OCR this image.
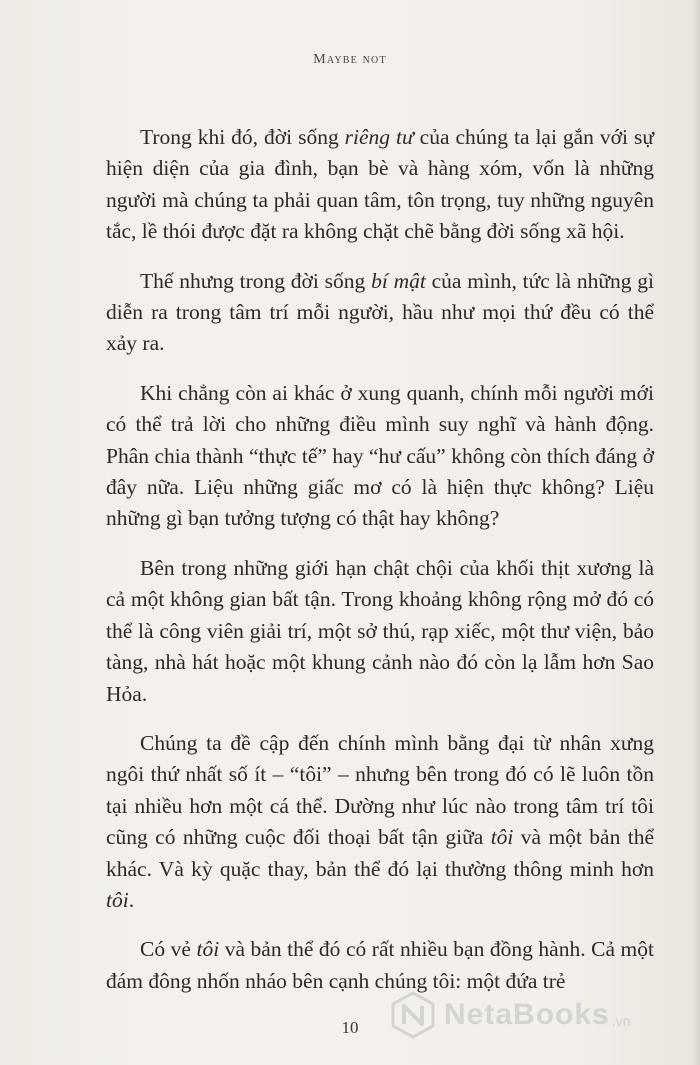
Maybe not

Trong khi đó, đời sống riêng tư của chúng ta lại gắn với sự hiện diện của gia đình, bạn bè và hàng xóm, vốn là những người mà chúng ta phải quan tâm, tôn trọng, tuy những nguyên tắc, lề thói được đặt ra không chặt chẽ bằng đời sống xã hội.

Thế nhưng trong đời sống bí mật của mình, tức là những gì diễn ra trong tâm trí mỗi người, hầu như mọi thứ đều có thể xảy ra.

Khi chẳng còn ai khác ở xung quanh, chính mỗi người mới có thể trả lời cho những điều mình suy nghĩ và hành động. Phân chia thành “thực tế” hay “hư cấu” không còn thích đáng ở đây nữa. Liệu những giấc mơ có là hiện thực không? Liệu những gì bạn tưởng tượng có thật hay không?

Bên trong những giới hạn chật chội của khối thịt xương là cả một không gian bất tận. Trong khoảng không rộng mở đó có thể là công viên giải trí, một sở thú, rạp xiếc, một thư viện, bảo tàng, nhà hát hoặc một khung cảnh nào đó còn lạ lẫm hơn Sao Hỏa.

Chúng ta đề cập đến chính mình bằng đại từ nhân xưng ngôi thứ nhất số ít – “tôi” – nhưng bên trong đó có lẽ luôn tồn tại nhiều hơn một cá thể. Dường như lúc nào trong tâm trí tôi cũng có những cuộc đối thoại bất tận giữa tôi và một bản thể khác. Và kỳ quặc thay, bản thể đó lại thường thông minh hơn tôi.

Có vẻ tôi và bản thể đó có rất nhiều bạn đồng hành. Cả một đám đông nhốn nháo bên cạnh chúng tôi: một đứa trẻ

10	NetaBooks .vn
